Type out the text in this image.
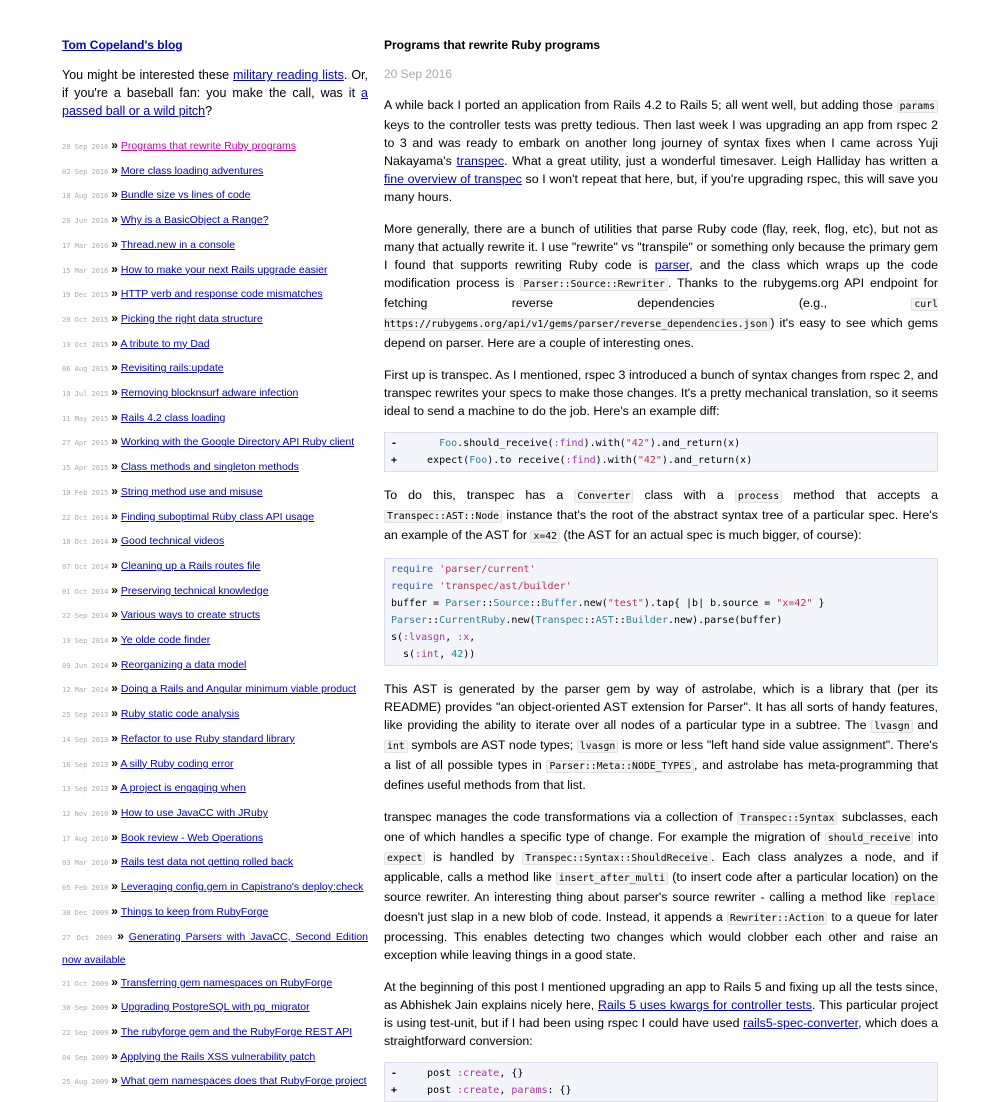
Tom Copeland's blog
You might be interested these military reading lists. Or, if you're a baseball fan: you make the call, was it a passed ball or a wild pitch?
20 Sep 2016 » Programs that rewrite Ruby programs
02 Sep 2016 » More class loading adventures
18 Aug 2016 » Bundle size vs lines of code
26 Jun 2016 » Why is a BasicObject a Range?
17 Mar 2016 » Thread.new in a console
15 Mar 2016 » How to make your next Rails upgrade easier
19 Dec 2015 » HTTP verb and response code mismatches
20 Oct 2015 » Picking the right data structure
19 Oct 2015 » A tribute to my Dad
06 Aug 2015 » Revisiting rails:update
10 Jul 2015 » Removing blocknsurf adware infection
11 May 2015 » Rails 4.2 class loading
27 Apr 2015 » Working with the Google Directory API Ruby client
15 Apr 2015 » Class methods and singleton methods
10 Feb 2015 » String method use and misuse
22 Oct 2014 » Finding suboptimal Ruby class API usage
18 Oct 2014 » Good technical videos
07 Oct 2014 » Cleaning up a Rails routes file
01 Oct 2014 » Preserving technical knowledge
22 Sep 2014 » Various ways to create structs
19 Sep 2014 » Ye olde code finder
09 Jun 2014 » Reorganizing a data model
12 Mar 2014 » Doing a Rails and Angular minimum viable product
25 Sep 2013 » Ruby static code analysis
14 Sep 2013 » Refactor to use Ruby standard library
16 Sep 2013 » A silly Ruby coding error
13 Sep 2013 » A project is engaging when
12 Nov 2010 » How to use JavaCC with JRuby
17 Aug 2010 » Book review - Web Operations
03 Mar 2010 » Rails test data not getting rolled back
05 Feb 2010 » Leveraging config.gem in Capistrano's deploy:check
30 Dec 2009 » Things to keep from RubyForge
27 Oct 2009 » Generating Parsers with JavaCC, Second Edition now available
21 Oct 2009 » Transferring gem namespaces on RubyForge
30 Sep 2009 » Upgrading PostgreSQL with pg_migrator
22 Sep 2009 » The rubyforge gem and the RubyForge REST API
04 Sep 2009 » Applying the Rails XSS vulnerability patch
25 Aug 2009 » What gem namespaces does that RubyForge project
Programs that rewrite Ruby programs
20 Sep 2016

A while back I ported an application from Rails 4.2 to Rails 5; all went well, but adding those params keys to the controller tests was pretty tedious. Then last week I was upgrading an app from rspec 2 to 3 and was ready to embark on another long journey of syntax fixes when I came across Yuji Nakayama's transpec. What a great utility, just a wonderful timesaver. Leigh Halliday has written a fine overview of transpec so I won't repeat that here, but, if you're upgrading rspec, this will save you many hours.

More generally, there are a bunch of utilities that parse Ruby code (flay, reek, flog, etc), but not as many that actually rewrite it. I use "rewrite" vs "transpile" or something only because the primary gem I found that supports rewriting Ruby code is parser, and the class which wraps up the code modification process is Parser::Source::Rewriter . Thanks to the rubygems.org API endpoint for fetching reverse dependencies (e.g., curl https://rubygems.org/api/v1/gems/parser/reverse_dependencies.json ) it's easy to see which gems depend on parser. Here are a couple of interesting ones.

First up is transpec. As I mentioned, rspec 3 introduced a bunch of syntax changes from rspec 2, and transpec rewrites your specs to make those changes. It's a pretty mechanical translation, so it seems ideal to send a machine to do the job. Here's an example diff:

-	Foo.should_receive(:find).with("42").and_return(x)
+	expect(Foo).to receive(:find).with("42").and_return(x)

To do this, transpec has a Converter class with a process method that accepts a Transpec::AST::Node instance that's the root of the abstract syntax tree of a particular spec. Here's an example of the AST for x=42 (the AST for an actual spec is much bigger, of course):

require 'parser/current'
require 'transpec/ast/builder'
buffer = Parser::Source::Buffer.new("test").tap{ |b| b.source = "x=42" }
Parser::CurrentRuby.new(Transpec::AST::Builder.new).parse(buffer)
s(:lvasgn, :x,
s(:int, 42))

This AST is generated by the parser gem by way of astrolabe, which is a library that (per its README) provides "an object-oriented AST extension for Parser". It has all sorts of handy features, like providing the ability to iterate over all nodes of a particular type in a subtree. The lvasgn and int symbols are AST node types; lvasgn is more or less "left hand side value assignment". There's a list of all possible types in Parser::Meta::NODE_TYPES , and astrolabe has meta-programming that defines useful methods from that list.

transpec manages the code transformations via a collection of Transpec::Syntax subclasses, each one of which handles a specific type of change. For example the migration of should_receive into expect is handled by Transpec::Syntax::ShouldReceive . Each class analyzes a node, and if applicable, calls a method like insert_after_multi (to insert code after a particular location) on the source rewriter. An interesting thing about parser's source rewriter - calling a method like replace doesn't just slap in a new blob of code. Instead, it appends a Rewriter::Action to a queue for later processing. This enables detecting two changes which would clobber each other and raise an exception while leaving things in a good state.

At the beginning of this post I mentioned upgrading an app to Rails 5 and fixing up all the tests since, as Abhishek Jain explains nicely here, Rails 5 uses kwargs for controller tests. This particular project is using test-unit, but if I had been using rspec I could have used rails5-spec-converter, which does a straightforward conversion:

-	post :create, {}
+	post :create, params: {}
